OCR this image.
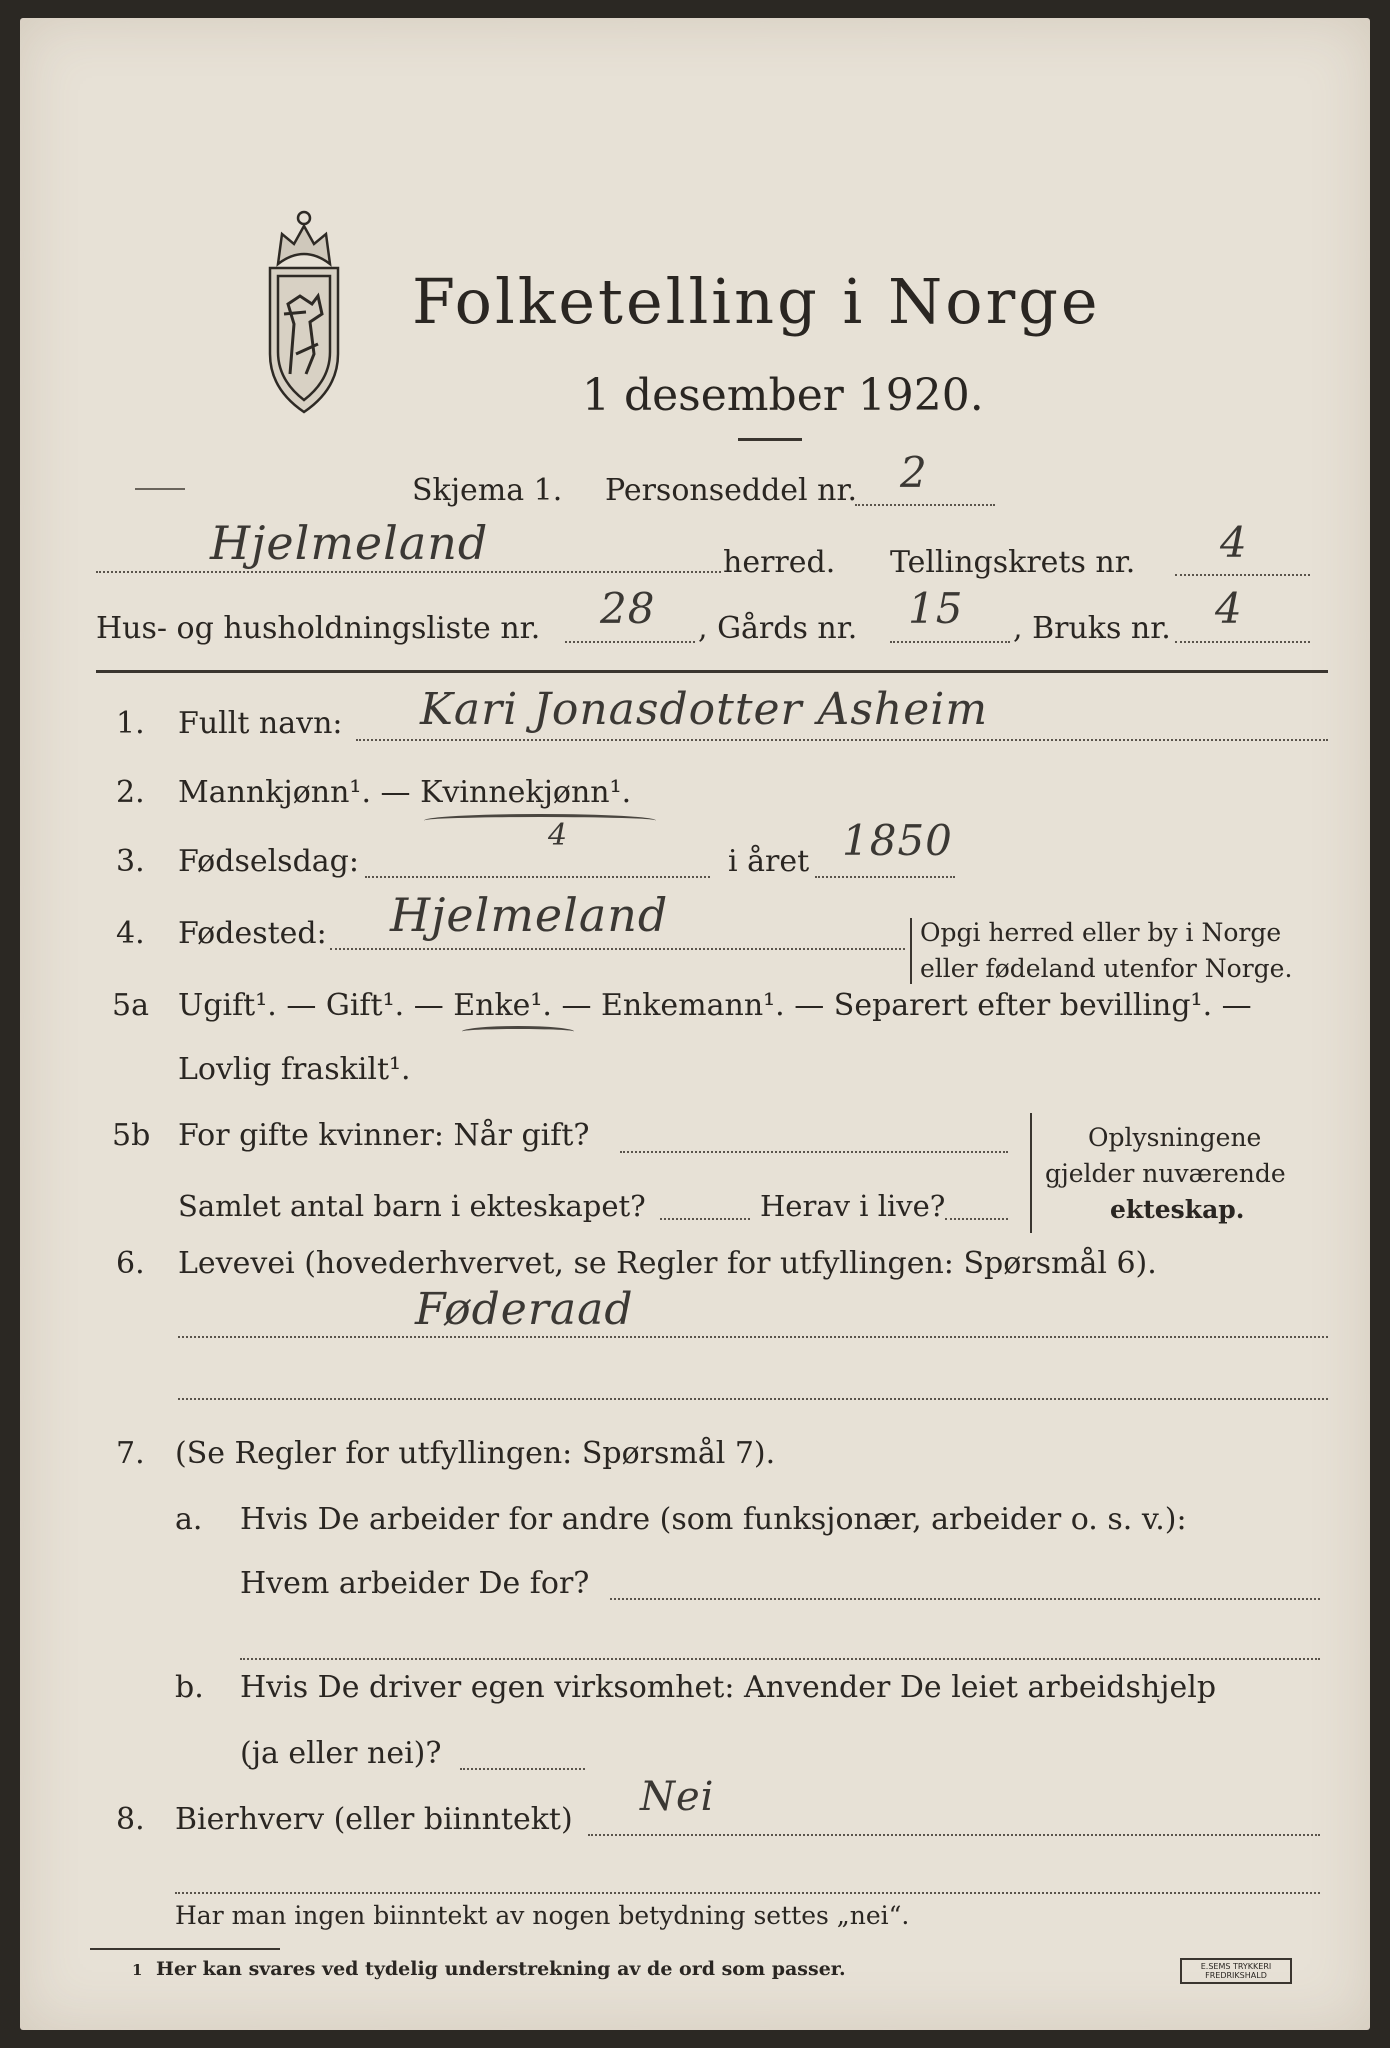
Folketelling i Norge
1 desember 1920.
Skjema 1. Personseddel nr. 2
Hjelmeland	herred. Tellingskrets nr. 4
Hus- og husholdningsliste nr. 28 , Gårds nr. 15 , Bruks nr. 4
1. Fullt navn: Kari Jonasdotter Asheim
2. Mannkjønn¹. — Kvinnekjønn¹.
3. Fødselsdag:
4
i året 1850
4. Fødested: Hjelmeland	Opgi herred eller by i Norge
eller fødeland utenfor Norge.
5a Ugift¹. — Gift¹. — Enke¹. — Enkemann¹. — Separert efter bevilling¹. —
Lovlig fraskilt¹.
5b For gifte kvinner: Når gift?
Samlet antal barn i ekteskapet?	Herav i live?
Oplysningene
gjelder nuværende
ekteskap.
6. Levevei (hovederhvervet, se Regler for utfyllingen: Spørsmål 6).
Føderaad
7. (Se Regler for utfyllingen: Spørsmål 7).
a. Hvis De arbeider for andre (som funksjonær, arbeider o. s. v.):
Hvem arbeider De for?
b. Hvis De driver egen virksomhet: Anvender De leiet arbeidshjelp
(ja eller nei)?
8. Bierhverv (eller biinntekt) Nei
Har man ingen biinntekt av nogen betydning settes „nei“.
1 Her kan svares ved tydelig understrekning av de ord som passer.	E.SEMS TRYKKERI
FREDRIKSHALD
